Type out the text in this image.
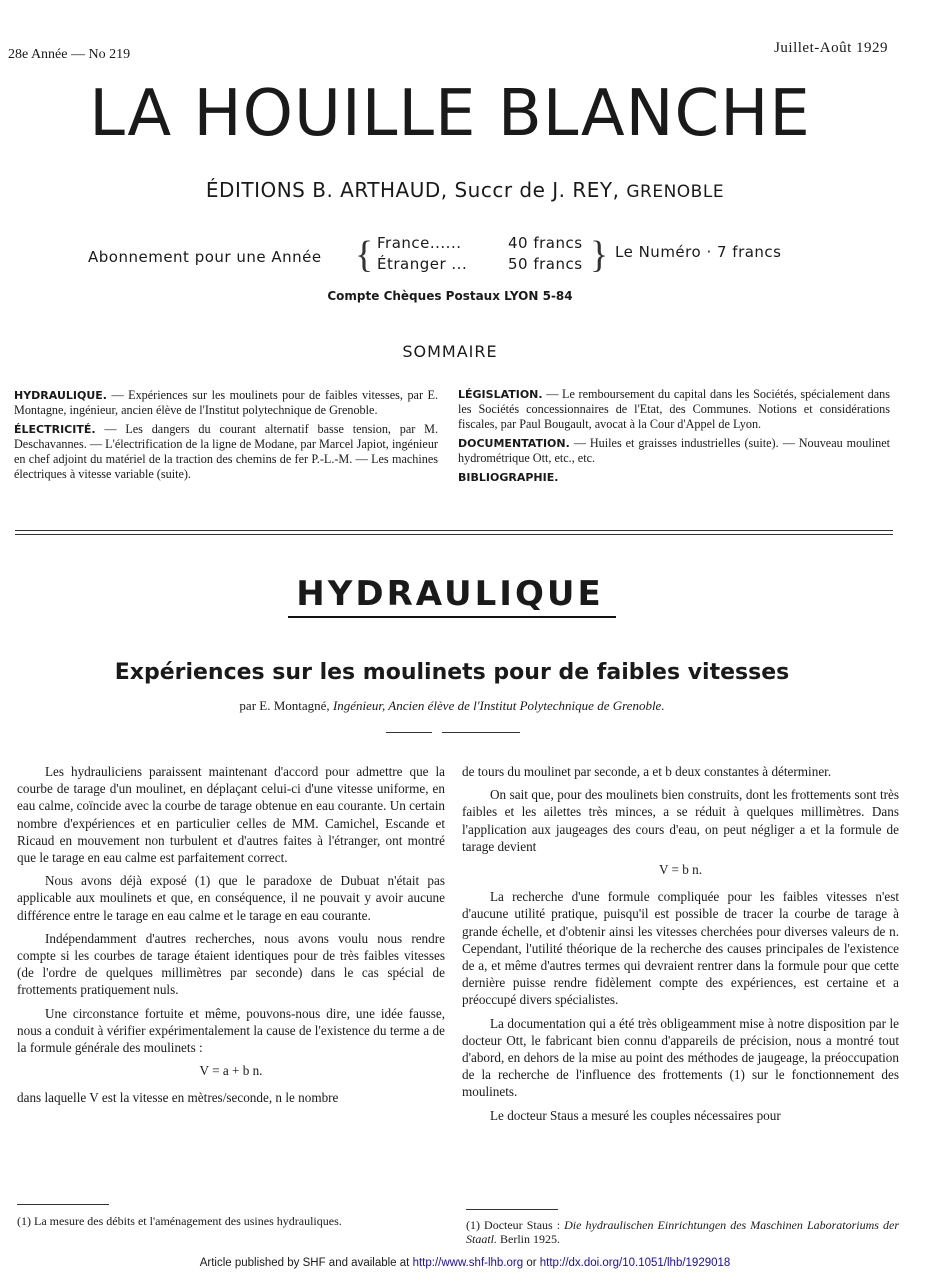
28e Année — No 219	Juillet-Août 1929
LA HOUILLE BLANCHE
ÉDITIONS B. ARTHAUD, Succr de J. REY, GRENOBLE
Abonnement pour une Année { France......	40 francs
Étranger ...	50 francs } Le Numéro · 7 francs
Compte Chèques Postaux LYON 5-84
SOMMAIRE

HYDRAULIQUE. — Expériences sur les moulinets pour de faibles vitesses, par E. Montagne, ingénieur, ancien élève de l'Institut polytechnique de Grenoble.

ÉLECTRICITÉ. — Les dangers du courant alternatif basse tension, par M. Deschavannes. — L'électrification de la ligne de Modane, par Marcel Japiot, ingénieur en chef adjoint du matériel de la traction des chemins de fer P.-L.-M. — Les machines électriques à vitesse variable (suite).

LÉGISLATION. — Le remboursement du capital dans les Sociétés, spécialement dans les Sociétés concessionnaires de l'Etat, des Communes. Notions et considérations fiscales, par Paul Bougault, avocat à la Cour d'Appel de Lyon.

DOCUMENTATION. — Huiles et graisses industrielles (suite). — Nouveau moulinet hydrométrique Ott, etc., etc.

BIBLIOGRAPHIE.

HYDRAULIQUE
Expériences sur les moulinets pour de faibles vitesses
par E. Montagné, Ingénieur, Ancien élève de l'Institut Polytechnique de Grenoble.

Les hydrauliciens paraissent maintenant d'accord pour admettre que la courbe de tarage d'un moulinet, en déplaçant celui-ci d'une vitesse uniforme, en eau calme, coïncide avec la courbe de tarage obtenue en eau courante. Un certain nombre d'expériences et en particulier celles de MM. Camichel, Escande et Ricaud en mouvement non turbulent et d'autres faites à l'étranger, ont montré que le tarage en eau calme est parfaitement correct.

Nous avons déjà exposé (1) que le paradoxe de Dubuat n'était pas applicable aux moulinets et que, en conséquence, il ne pouvait y avoir aucune différence entre le tarage en eau calme et le tarage en eau courante.

Indépendamment d'autres recherches, nous avons voulu nous rendre compte si les courbes de tarage étaient identiques pour de très faibles vitesses (de l'ordre de quelques millimètres par seconde) dans le cas spécial de frottements pratiquement nuls.

Une circonstance fortuite et même, pouvons-nous dire, une idée fausse, nous a conduit à vérifier expérimentalement la cause de l'existence du terme a de la formule générale des moulinets :

V = a + b n.

dans laquelle V est la vitesse en mètres/seconde, n le nombre

de tours du moulinet par seconde, a et b deux constantes à déterminer.

On sait que, pour des moulinets bien construits, dont les frottements sont très faibles et les ailettes très minces, a se réduit à quelques millimètres. Dans l'application aux jaugeages des cours d'eau, on peut négliger a et la formule de tarage devient

V = b n.

La recherche d'une formule compliquée pour les faibles vitesses n'est d'aucune utilité pratique, puisqu'il est possible de tracer la courbe de tarage à grande échelle, et d'obtenir ainsi les vitesses cherchées pour diverses valeurs de n. Cependant, l'utilité théorique de la recherche des causes principales de l'existence de a, et même d'autres termes qui devraient rentrer dans la formule pour que cette dernière puisse rendre fidèlement compte des expériences, est certaine et a préoccupé divers spécialistes.

La documentation qui a été très obligeamment mise à notre disposition par le docteur Ott, le fabricant bien connu d'appareils de précision, nous a montré tout d'abord, en dehors de la mise au point des méthodes de jaugeage, la préoccupation de la recherche de l'influence des frottements (1) sur le fonctionnement des moulinets.

Le docteur Staus a mesuré les couples nécessaires pour

(1) La mesure des débits et l'aménagement des usines hydrauliques.	(1) Docteur Staus : Die hydraulischen Einrichtungen des Maschinen Laboratoriums der Staatl. Berlin 1925.
Article published by SHF and available at http://www.shf-lhb.org or http://dx.doi.org/10.1051/lhb/1929018
